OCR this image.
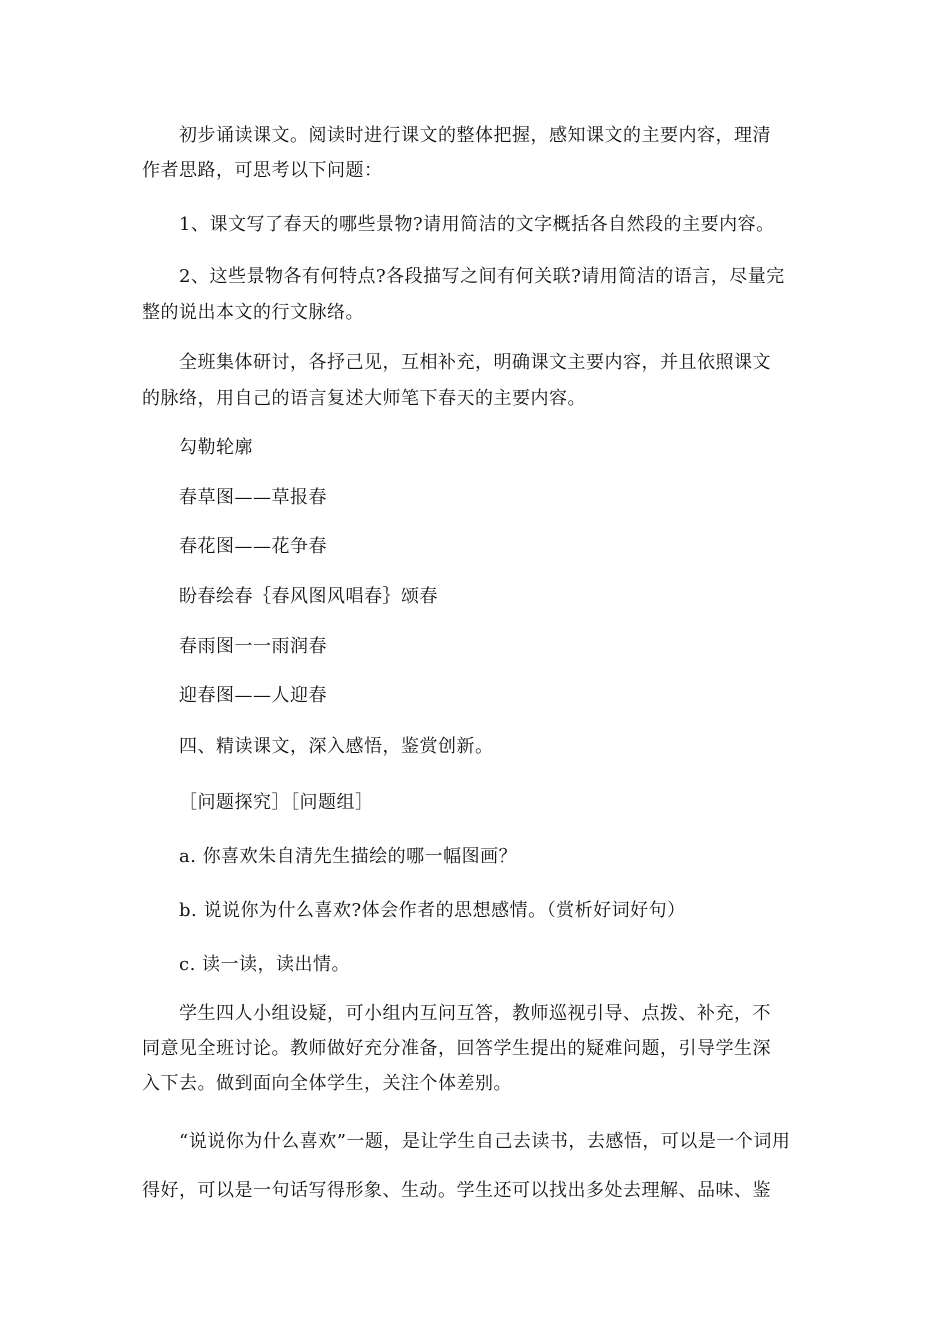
初步诵读课文。阅读时进行课文的整体把握，感知课文的主要内容，理清
作者思路，可思考以下问题：
1、课文写了春天的哪些景物?请用简洁的文字概括各自然段的主要内容。
2、这些景物各有何特点?各段描写之间有何关联?请用简洁的语言，尽量完
整的说出本文的行文脉络。
全班集体研讨，各抒己见，互相补充，明确课文主要内容，并且依照课文
的脉络，用自己的语言复述大师笔下春天的主要内容。
勾勒轮廓
春草图——草报春
春花图——花争春
盼春绘春｛春风图风唱春｝颂春
春雨图一一雨润春
迎春图——人迎春
四、精读课文，深入感悟，鉴赏创新。
［问题探究］［问题组］
a. 你喜欢朱自清先生描绘的哪一幅图画？
b. 说说你为什么喜欢?体会作者的思想感情。（赏析好词好句）
c. 读一读，读出情。
学生四人小组设疑，可小组内互问互答，教师巡视引导、点拨、补充，不
同意见全班讨论。教师做好充分准备，回答学生提出的疑难问题，引导学生深
入下去。做到面向全体学生，关注个体差别。
“说说你为什么喜欢”一题，是让学生自己去读书，去感悟，可以是一个词用
得好，可以是一句话写得形象、生动。学生还可以找出多处去理解、品味、鉴
